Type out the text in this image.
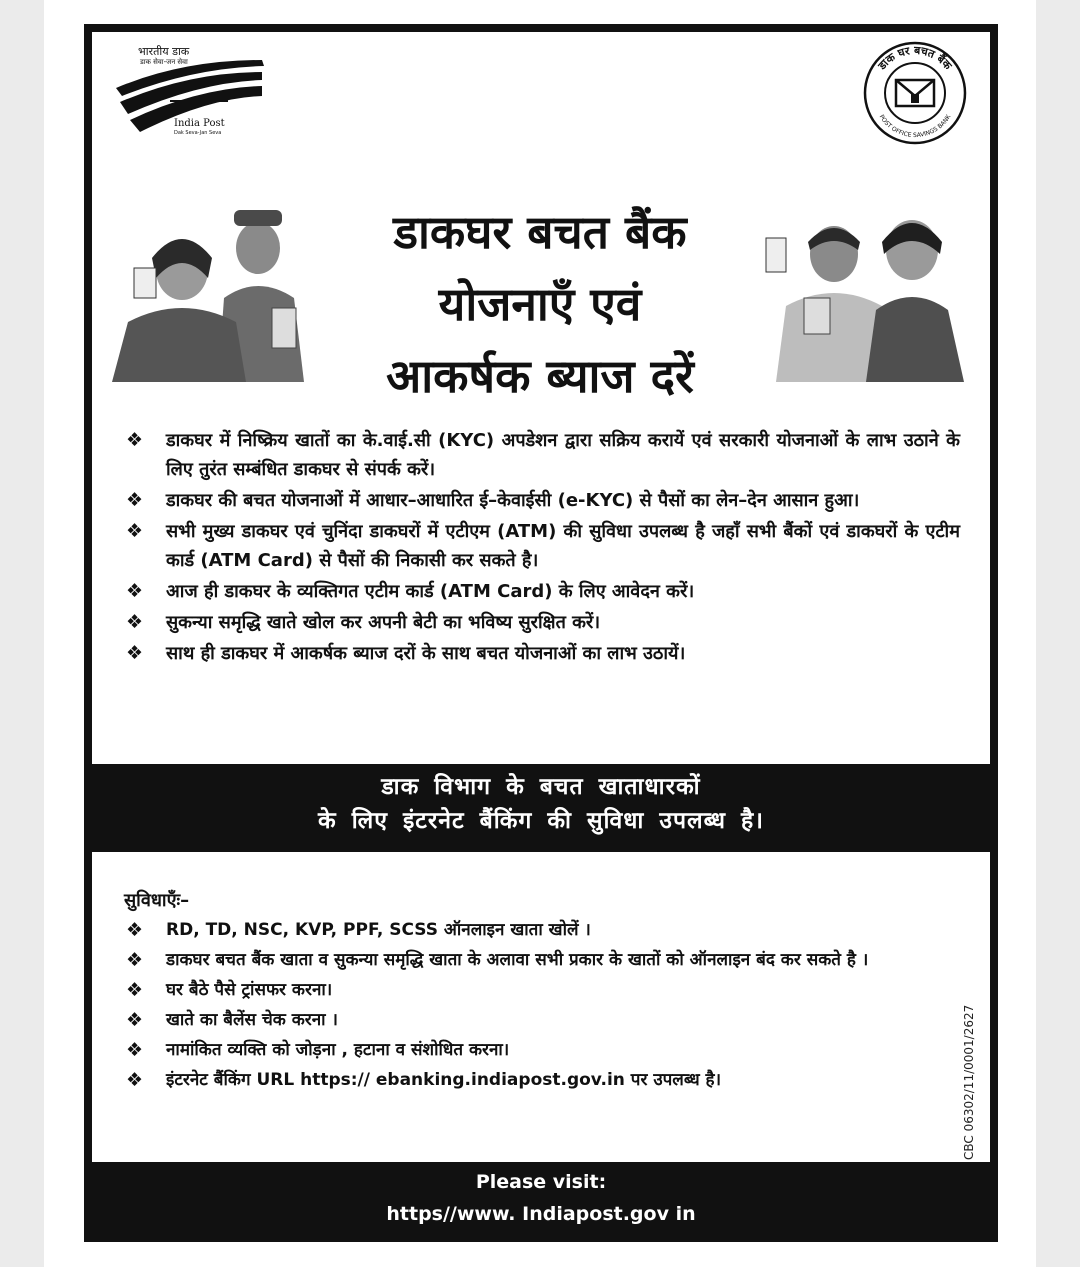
भारतीय डाक
डाक सेवा-जन सेवा
India Post
Dak Seva-Jan Seva
डाक घर बचत बैंक
POST OFFICE SAVINGS BANK
डाकघर बचत बैंक
योजनाएँ एवं
आकर्षक ब्याज दरें
❖ डाकघर में निष्क्रिय खातों का के.वाई.सी (KYC) अपडेशन द्वारा सक्रिय करायें एवं सरकारी योजनाओं के लाभ उठाने के लिए तुरंत सम्बंधित डाकघर से संपर्क करें।
❖ डाकघर की बचत योजनाओं में आधार–आधारित ई–केवाईसी (e-KYC) से पैसों का लेन–देन आसान हुआ।
❖ सभी मुख्य डाकघर एवं चुनिंदा डाकघरों में एटीएम (ATM) की सुविधा उपलब्ध है जहाँ सभी बैंकों एवं डाकघरों के एटीम कार्ड (ATM Card) से पैसों की निकासी कर सकते है।
❖ आज ही डाकघर के व्यक्तिगत एटीम कार्ड (ATM Card) के लिए आवेदन करें।
❖ सुकन्या समृद्धि खाते खोल कर अपनी बेटी का भविष्य सुरक्षित करें।
❖ साथ ही डाकघर में आकर्षक ब्याज दरों के साथ बचत योजनाओं का लाभ उठायें।
डाक विभाग के बचत खाताधारकों
के लिए इंटरनेट बैंकिंग की सुविधा उपलब्ध है।
सुविधाएँः–
❖ RD, TD, NSC, KVP, PPF, SCSS ऑनलाइन खाता खोलें ।
❖ डाकघर बचत बैंक खाता व सुकन्या समृद्धि खाता के अलावा सभी प्रकार के खातों को ऑनलाइन बंद कर सकते है ।
❖ घर बैठे पैसे ट्रांसफर करना।
❖ खाते का बैलेंस चेक करना ।
❖ नामांकित व्यक्ति को जोड़ना , हटाना व संशोधित करना।
❖ इंटरनेट बैंकिंग URL https:// ebanking.indiapost.gov.in पर उपलब्ध है।	CBC 06302/11/0001/2627
Please visit:
https//www. Indiapost.gov in
